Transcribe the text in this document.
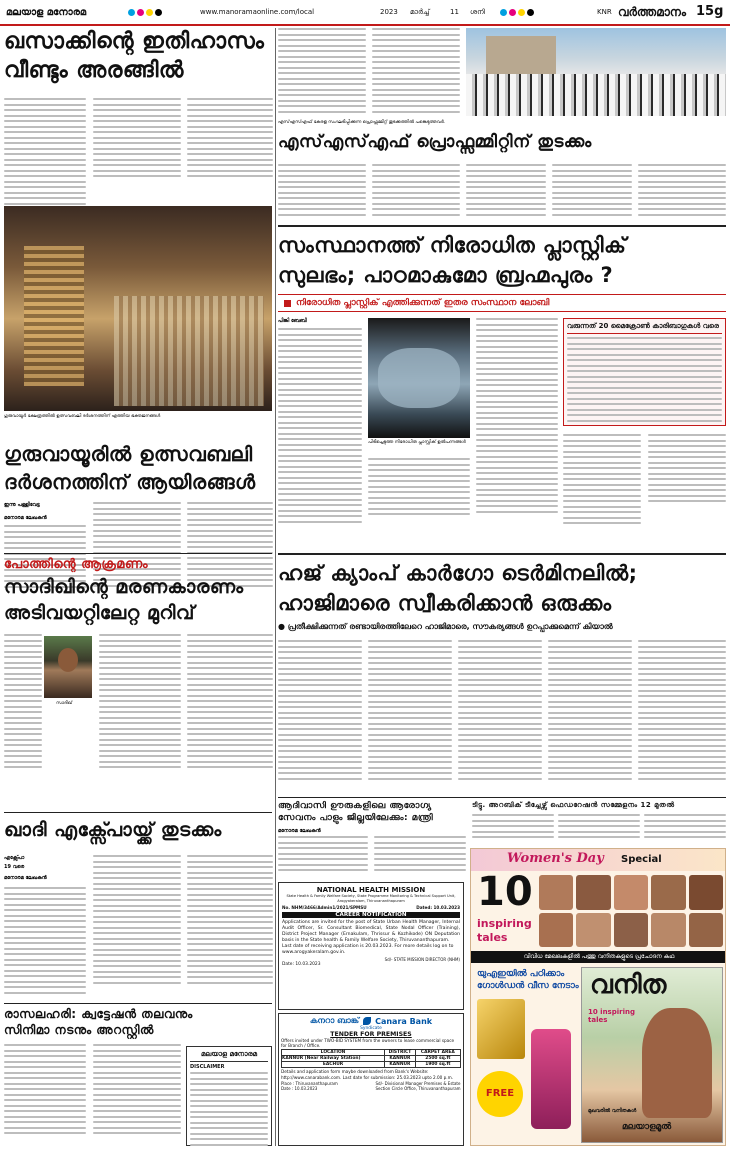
മലയാള മനോരമ	www.manoramaonline.com/local	2023 മാർച്ച്	11 ശനി	KNR വർത്തമാനം 15g
ഖസാക്കിന്റെ ഇതിഹാസം
വീണ്ടും അരങ്ങിൽ
ഗുരുവായൂർ ക്ഷേത്രത്തിൽ ഉത്സവബലി ദർശനത്തിന് എത്തിയ ഭക്തജനങ്ങൾ
ഗുരുവായൂരിൽ ഉത്സവബലി
ദർശനത്തിന് ആയിരങ്ങൾ
ഇന്നു പള്ളിവേട്ട
മനോരമ ലേഖകൻ
പോത്തിന്റെ ആക്രമണം
സാദിഖിന്റെ മരണകാരണം
അടിവയറ്റിലേറ്റ മുറിവ്
സാദിഖ്
ഖാദി എക്സ്പോയ്ക്ക് തുടക്കം
എക്സ്പോ
19 വരെ
മനോരമ ലേഖകൻ
രാസലഹരി: ക്വട്ടേഷൻ തലവനും
സിനിമാ നടനും അറസ്റ്റിൽ
മലയാള മനോരമ
DISCLAIMER
എസ്എസ്എഫ് കേരള സംഘടിപ്പിക്കുന്ന പ്രൊഫ്സമ്മിറ്റ് തുടക്കത്തിൽ പങ്കെടുത്തവർ.
എസ്എസ്എഫ് പ്രൊഫ്സമ്മിറ്റിന് തുടക്കം
സംസ്ഥാനത്ത് നിരോധിത പ്ലാസ്റ്റിക്
സുലഭം; പാഠമാകുമോ ബ്രഹ്മപുരം ?
നിരോധിത പ്ലാസ്റ്റിക് എത്തിക്കുന്നത് ഇതര സംസ്ഥാന ലോബി
പിങ്കി ബേബി
പിടിച്ചെടുത്ത നിരോധിത പ്ലാസ്റ്റിക് ഉൽപന്നങ്ങൾ
വരുന്നത് 20 മൈക്രോൺ കാരിബാഗുകൾ വരെ
ഹജ് ക്യാംപ് കാർഗോ ടെർമിനലിൽ;
ഹാജിമാരെ സ്വീകരിക്കാൻ ഒരുക്കം
● പ്രതീക്ഷിക്കുന്നത് രണ്ടായിരത്തിലേറെ ഹാജിമാരെ, സൗകര്യങ്ങൾ ഉറപ്പാക്കുമെന്ന് കിയാൽ
ആദിവാസി ഊരുകളിലെ ആരോഗ്യ
സേവനം പാളും ജില്ലയിലേക്കും: മന്ത്രി
മനോരമ ലേഖകൻ
ടിട്ടു. അറബിക് ടീച്ചേഴ്സ് ഫെഡറേഷൻ സമ്മേളനം 12 മുതൽ
NATIONAL HEALTH MISSION
State Health & Family Welfare Society, State Programme Monitoring & Technical Support Unit, Arogyakeralam, Thiruvananthapuram
No. NHM/3466/Admin1/2021/SPMSU	Dated: 10.03.2023
CAREER NOTIFICATION
Applications are invited for the post of State Urban Health Manager, Internal Audit Officer, Sr. Consultant Biomedical, State Nodal Officer (Training), District Project Manager (Ernakulam, Thrissur & Kozhikode) ON Deputation basis in the State health & Family Welfare Society, Thiruvananthapuram.
Last date of receiving application is 20.03.2023. For more details log on to www.arogyakeralam.gov.in.
Sd/- STATE MISSION DIRECTOR (NHM)
Date: 10.03.2023
കനറാ ബാങ്ക് Canara Bank
Syndicate
TENDER FOR PREMISES
Offers invited under TWO-BID SYSTEM from the owners to lease commercial space for Branch / Office.
LOCATION	DISTRICT	CARPET AREA
KANNUR (Near Railway Station)	KANNUR	2500 sq.ft
EACHUR	KANNUR	1900 sq.ft
Details and application form maybe downloaded from Bank's Website: http://www.canarabank.com. Last date for submission: 25.03.2023 upto 2.00 p.m.
Place : Thiruvananthapuram
Date : 10.03.2023
Sd/- Divisional Manager Premises & Estate Section Circle Office, Thiruvananthapuram
Women's Day Special
10
inspiring
tales
വിവിധ മേഖലകളിൽ പത്തു വനിതകളുടെ പ്രചോദന കഥ
യുഎഇയിൽ പഠിക്കാം
ഗോൾഡൻ വീസ നേടാം
FREE
വനിത
10 inspiring tales
മുഖവരിൽ വനിതകൾ
മലയാളമൂൽ
